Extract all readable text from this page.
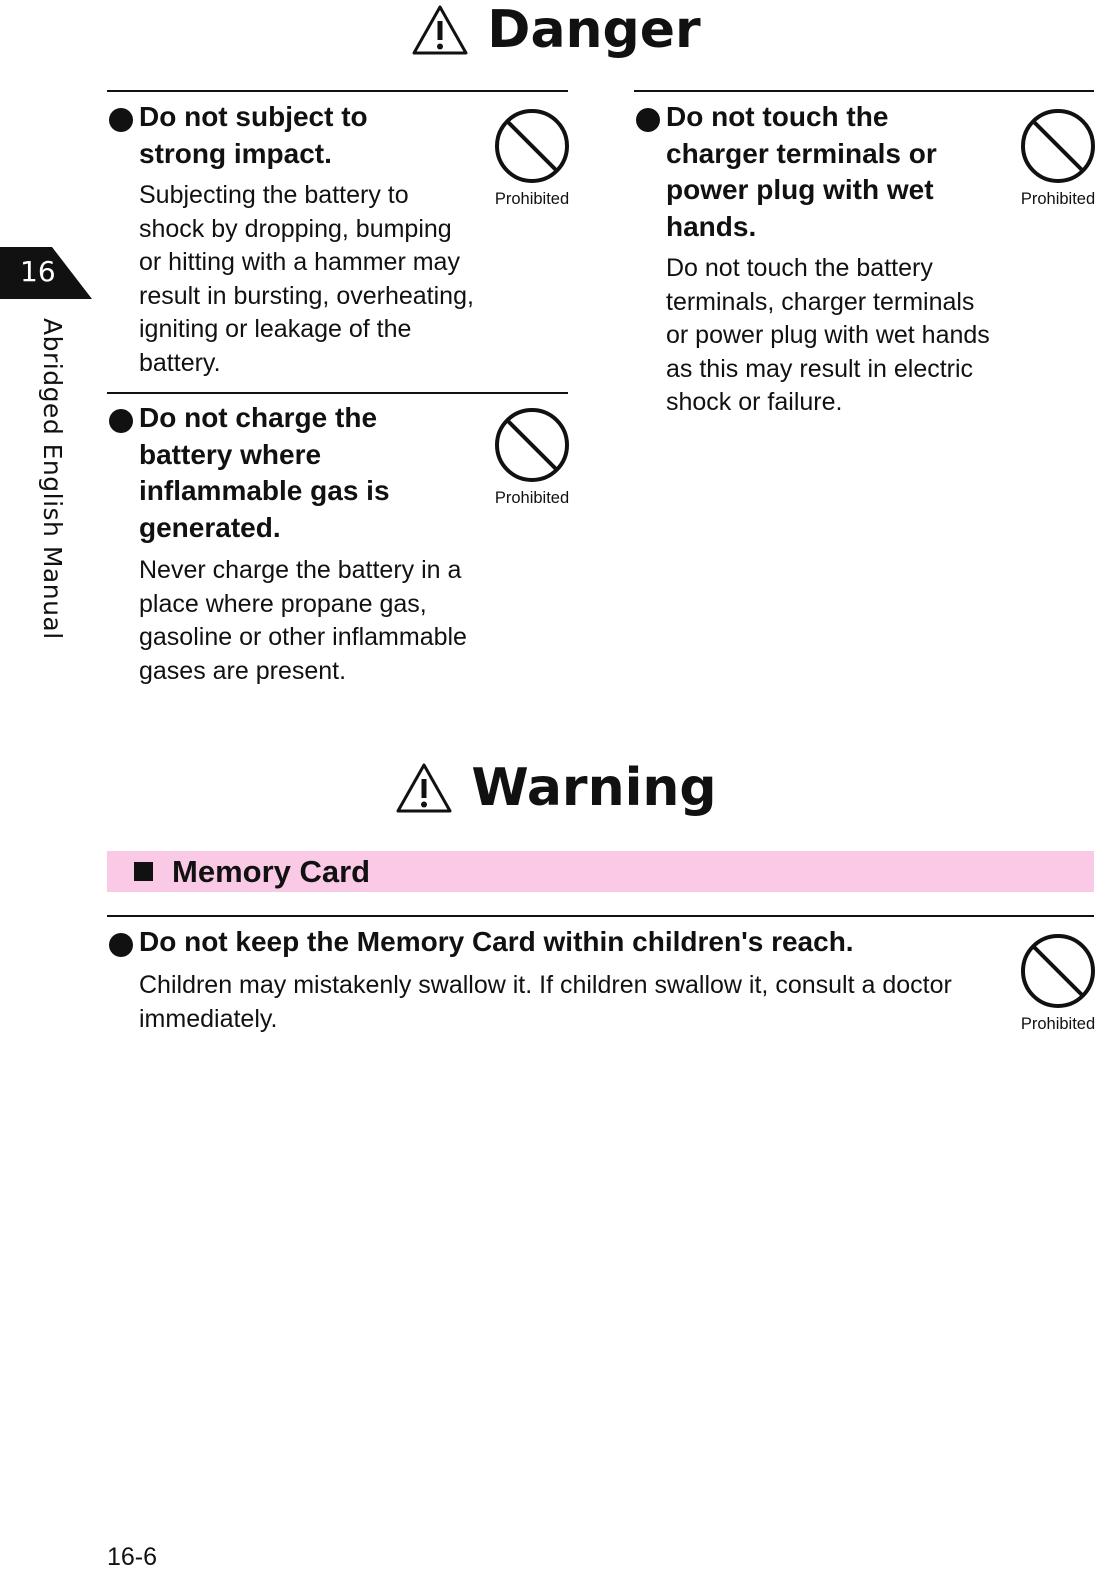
16
Abridged English Manual
Danger

Do not subject to strong impact.

Subjecting the battery to shock by dropping, bumping or hitting with a hammer may result in bursting, overheating, igniting or leakage of the battery.

Prohibited

Do not charge the battery where inflammable gas is generated.

Never charge the battery in a place where propane gas, gasoline or other inflammable gases are present.

Prohibited

Do not touch the charger terminals or power plug with wet hands.

Do not touch the battery terminals, charger terminals or power plug with wet hands as this may result in electric shock or failure.

Prohibited
Warning
Memory Card

Do not keep the Memory Card within children's reach.

Children may mistakenly swallow it. If children swallow it, consult a doctor immediately.	Prohibited
16-6
